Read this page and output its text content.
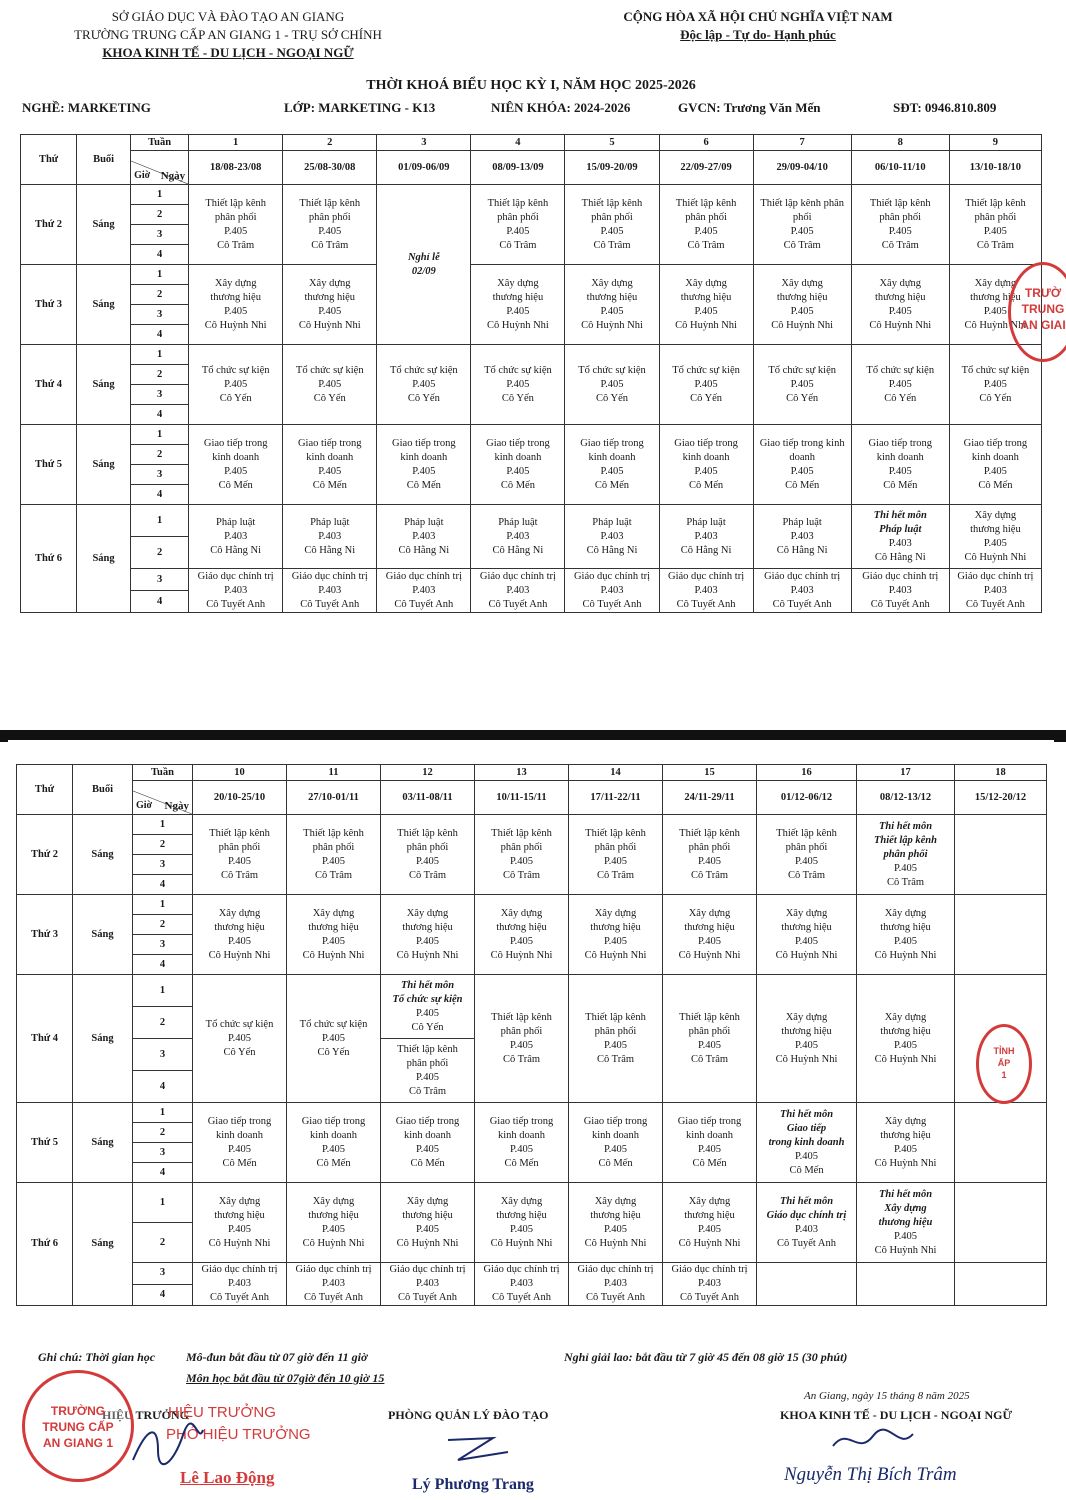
SỞ GIÁO DỤC VÀ ĐÀO TẠO AN GIANG
TRƯỜNG TRUNG CẤP AN GIANG 1 - TRỤ SỞ CHÍNH
KHOA KINH TẾ - DU LỊCH - NGOẠI NGỮ
CỘNG HÒA XÃ HỘI CHỦ NGHĨA VIỆT NAM
Độc lập - Tự do- Hạnh phúc
THỜI KHOÁ BIỂU HỌC KỲ I, NĂM HỌC 2025-2026
NGHỀ: MARKETING	LỚP: MARKETING - K13	NIÊN KHÓA: 2024-2026	GVCN: Trương Văn Mến	SĐT: 0946.810.809
Thứ	Buổi	Tuần	1	2	3	4	5	6	7	8	9

		Ngày
Giờ	18/08-23/08	25/08-30/08	01/09-06/09	08/09-13/09	15/09-20/09	22/09-27/09	29/09-04/10	06/10-11/10	13/10-18/10
Thứ 2	Sáng	1	Thiết lập kênh
phân phối
P.405
Cô Trâm	Thiết lập kênh
phân phối
P.405
Cô Trâm	Nghỉ lễ
02/09	Thiết lập kênh
phân phối
P.405
Cô Trâm	Thiết lập kênh
phân phối
P.405
Cô Trâm	Thiết lập kênh
phân phối
P.405
Cô Trâm	Thiết lập kênh phân
phối
P.405
Cô Trâm	Thiết lập kênh
phân phối
P.405
Cô Trâm	Thiết lập kênh
phân phối
P.405
Cô Trâm

		2									
		3									
		4									
Thứ 3	Sáng	1	Xây dựng
thương hiệu
P.405
Cô Huỳnh Nhi	Xây dựng
thương hiệu
P.405
Cô Huỳnh Nhi		Xây dựng
thương hiệu
P.405
Cô Huỳnh Nhi	Xây dựng
thương hiệu
P.405
Cô Huỳnh Nhi	Xây dựng
thương hiệu
P.405
Cô Huỳnh Nhi	Xây dựng
thương hiệu
P.405
Cô Huỳnh Nhi	Xây dựng
thương hiệu
P.405
Cô Huỳnh Nhi	Xây dựng
thương hiệu
P.405
Cô Huỳnh Nhi

		2									
		3									
		4									
Thứ 4	Sáng	1	Tổ chức sự kiện
P.405
Cô Yến	Tổ chức sự kiện
P.405
Cô Yến	Tổ chức sự kiện
P.405
Cô Yến	Tổ chức sự kiện
P.405
Cô Yến	Tổ chức sự kiện
P.405
Cô Yến	Tổ chức sự kiện
P.405
Cô Yến	Tổ chức sự kiện
P.405
Cô Yến	Tổ chức sự kiện
P.405
Cô Yến	Tổ chức sự kiện
P.405
Cô Yến

		2									
		3									
		4									
Thứ 5	Sáng	1	Giao tiếp trong
kinh doanh
P.405
Cô Mến	Giao tiếp trong
kinh doanh
P.405
Cô Mến	Giao tiếp trong
kinh doanh
P.405
Cô Mến	Giao tiếp trong
kinh doanh
P.405
Cô Mến	Giao tiếp trong
kinh doanh
P.405
Cô Mến	Giao tiếp trong
kinh doanh
P.405
Cô Mến	Giao tiếp trong kinh
doanh
P.405
Cô Mến	Giao tiếp trong
kinh doanh
P.405
Cô Mến	Giao tiếp trong
kinh doanh
P.405
Cô Mến

		2									
		3									
		4									
Thứ 6	Sáng	1	Pháp luật
P.403
Cô Hằng Ni	Pháp luật
P.403
Cô Hằng Ni	Pháp luật
P.403
Cô Hằng Ni	Pháp luật
P.403
Cô Hằng Ni	Pháp luật
P.403
Cô Hằng Ni	Pháp luật
P.403
Cô Hằng Ni	Pháp luật
P.403
Cô Hằng Ni	Thi hết môn
Pháp luật
P.403
Cô Hằng Ni	Xây dựng
thương hiệu
P.405
Cô Huỳnh Nhi

		2									
		3	Giáo dục chính trị
P.403
Cô Tuyết Anh	Giáo dục chính trị
P.403
Cô Tuyết Anh	Giáo dục chính trị
P.403
Cô Tuyết Anh	Giáo dục chính trị
P.403
Cô Tuyết Anh	Giáo dục chính trị
P.403
Cô Tuyết Anh	Giáo dục chính trị
P.403
Cô Tuyết Anh	Giáo dục chính trị
P.403
Cô Tuyết Anh	Giáo dục chính trị
P.403
Cô Tuyết Anh	Giáo dục chính trị
P.403
Cô Tuyết Anh

		4									
TRƯỜ
TRUNG
AN GIAI
Thứ	Buổi	Tuần	10	11	12	13	14	15	16	17	18

		Ngày
Giờ	20/10-25/10	27/10-01/11	03/11-08/11	10/11-15/11	17/11-22/11	24/11-29/11	01/12-06/12	08/12-13/12	15/12-20/12
Thứ 2	Sáng	1	Thiết lập kênh
phân phối
P.405
Cô Trâm	Thiết lập kênh
phân phối
P.405
Cô Trâm	Thiết lập kênh
phân phối
P.405
Cô Trâm	Thiết lập kênh
phân phối
P.405
Cô Trâm	Thiết lập kênh
phân phối
P.405
Cô Trâm	Thiết lập kênh
phân phối
P.405
Cô Trâm	Thiết lập kênh
phân phối
P.405
Cô Trâm	Thi hết môn
Thiết lập kênh
phân phối
P.405
Cô Trâm	

		2									
		3									
		4									
Thứ 3	Sáng	1	Xây dựng
thương hiệu
P.405
Cô Huỳnh Nhi	Xây dựng
thương hiệu
P.405
Cô Huỳnh Nhi	Xây dựng
thương hiệu
P.405
Cô Huỳnh Nhi	Xây dựng
thương hiệu
P.405
Cô Huỳnh Nhi	Xây dựng
thương hiệu
P.405
Cô Huỳnh Nhi	Xây dựng
thương hiệu
P.405
Cô Huỳnh Nhi	Xây dựng
thương hiệu
P.405
Cô Huỳnh Nhi	Xây dựng
thương hiệu
P.405
Cô Huỳnh Nhi	

		2									
		3									
		4									
Thứ 4	Sáng	1	Tổ chức sự kiện
P.405
Cô Yến	Tổ chức sự kiện
P.405
Cô Yến	Thi hết môn
Tổ chức sự kiện
P.405
Cô Yến	Thiết lập kênh
phân phối
P.405
Cô Trâm	Thiết lập kênh
phân phối
P.405
Cô Trâm	Thiết lập kênh
phân phối
P.405
Cô Trâm	Xây dựng
thương hiệu
P.405
Cô Huỳnh Nhi	Xây dựng
thương hiệu
P.405
Cô Huỳnh Nhi	

		2									
		3			Thiết lập kênh
phân phối
P.405
Cô Trâm						

		4									
Thứ 5	Sáng	1	Giao tiếp trong
kinh doanh
P.405
Cô Mến	Giao tiếp trong
kinh doanh
P.405
Cô Mến	Giao tiếp trong
kinh doanh
P.405
Cô Mến	Giao tiếp trong
kinh doanh
P.405
Cô Mến	Giao tiếp trong
kinh doanh
P.405
Cô Mến	Giao tiếp trong
kinh doanh
P.405
Cô Mến	Thi hết môn
Giao tiếp
trong kinh doanh
P.405
Cô Mến	Xây dựng
thương hiệu
P.405
Cô Huỳnh Nhi	

		2									
		3									
		4									
Thứ 6	Sáng	1	Xây dựng
thương hiệu
P.405
Cô Huỳnh Nhi	Xây dựng
thương hiệu
P.405
Cô Huỳnh Nhi	Xây dựng
thương hiệu
P.405
Cô Huỳnh Nhi	Xây dựng
thương hiệu
P.405
Cô Huỳnh Nhi	Xây dựng
thương hiệu
P.405
Cô Huỳnh Nhi	Xây dựng
thương hiệu
P.405
Cô Huỳnh Nhi	Thi hết môn
Giáo dục chính trị
P.403
Cô Tuyết Anh	Thi hết môn
Xây dựng
thương hiệu
P.405
Cô Huỳnh Nhi	

		2									
		3	Giáo dục chính trị
P.403
Cô Tuyết Anh	Giáo dục chính trị
P.403
Cô Tuyết Anh	Giáo dục chính trị
P.403
Cô Tuyết Anh	Giáo dục chính trị
P.403
Cô Tuyết Anh	Giáo dục chính trị
P.403
Cô Tuyết Anh	Giáo dục chính trị
P.403
Cô Tuyết Anh			

		4									
TỈNH
ẤP
1
Ghi chú: Thời gian học	Mô-đun bắt đầu từ 07 giờ đến 11 giờ
Môn học bắt đầu từ 07giờ đến 10 giờ 15
Nghỉ giải lao: bắt đầu từ 7 giờ 45 đến 08 giờ 15 (30 phút)
An Giang, ngày 15 tháng 8 năm 2025
KHOA KINH TẾ - DU LỊCH - NGOẠI NGỮ
PHÒNG QUẢN LÝ ĐÀO TẠO
HIỆU TRƯỞNG
HIỆU TRƯỞNG
PHÓ HIỆU TRƯỞNG
TRƯỜNG
TRUNG CẤP
AN GIANG 1
Lê Lao Động	Lý Phương Trang	Nguyễn Thị Bích Trâm
